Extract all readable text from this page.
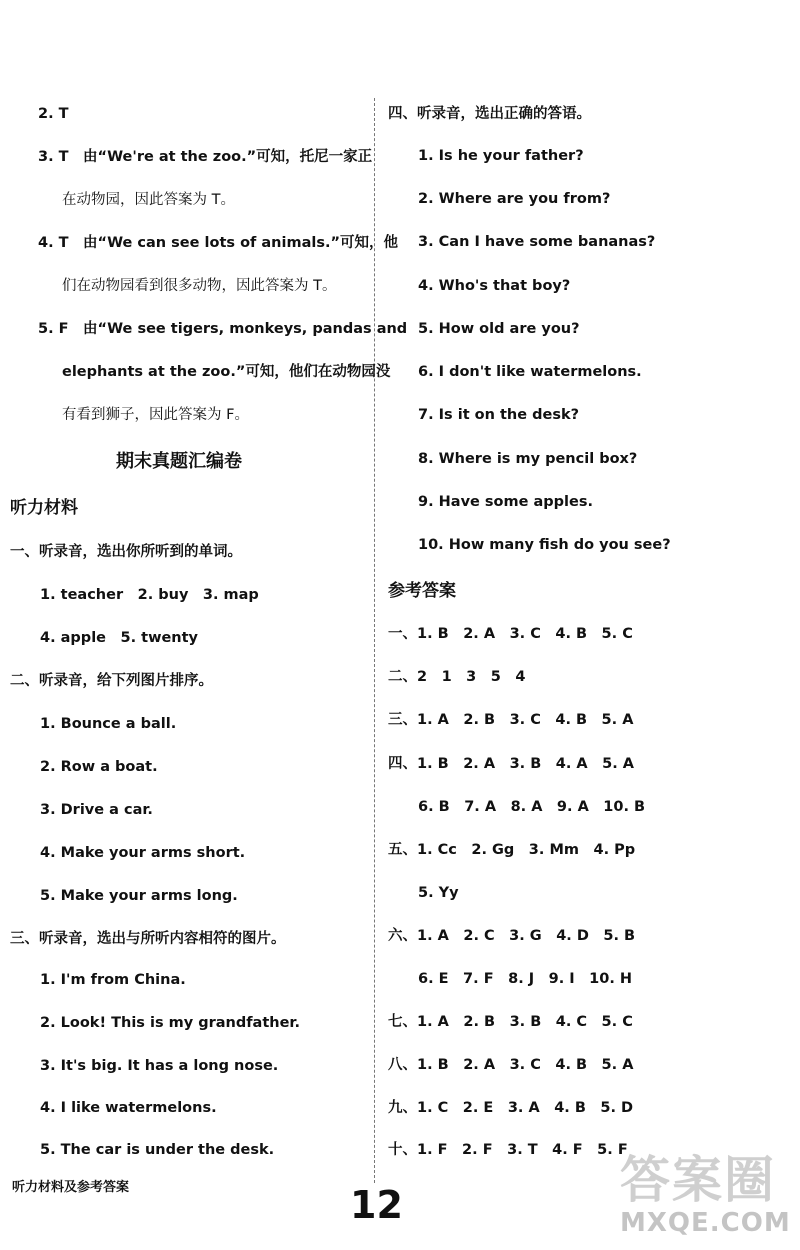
2. T
3. T　由“We're at the zoo.”可知，托尼一家正
在动物园，因此答案为 T。
4. T　由“We can see lots of animals.”可知，他
们在动物园看到很多动物，因此答案为 T。
5. F　由“We see tigers, monkeys, pandas and
elephants at the zoo.”可知，他们在动物园没
有看到狮子，因此答案为 F。
期末真题汇编卷
听力材料
一、听录音，选出你所听到的单词。
1. teacher　2. buy　3. map
4. apple　5. twenty
二、听录音，给下列图片排序。
1. Bounce a ball.
2. Row a boat.
3. Drive a car.
4. Make your arms short.
5. Make your arms long.
三、听录音，选出与所听内容相符的图片。
1. I'm from China.
2. Look! This is my grandfather.
3. It's big. It has a long nose.
4. I like watermelons.
5. The car is under the desk.
四、听录音，选出正确的答语。
1. Is he your father?
2. Where are you from?
3. Can I have some bananas?
4. Who's that boy?
5. How old are you?
6. I don't like watermelons.
7. Is it on the desk?
8. Where is my pencil box?
9. Have some apples.
10. How many fish do you see?
参考答案
一、1. B　2. A　3. C　4. B　5. C
二、2　1　3　5　4
三、1. A　2. B　3. C　4. B　5. A
四、1. B　2. A　3. B　4. A　5. A
6. B　7. A　8. A　9. A　10. B
五、1. Cc　2. Gg　3. Mm　4. Pp
5. Yy
六、1. A　2. C　3. G　4. D　5. B
6. E　7. F　8. J　9. I　10. H
七、1. A　2. B　3. B　4. C　5. C
八、1. B　2. A　3. C　4. B　5. A
九、1. C　2. E　3. A　4. B　5. D
十、1. F　2. F　3. T　4. F　5. F
听力材料及参考答案	12	答案圈
MXQE.COM
